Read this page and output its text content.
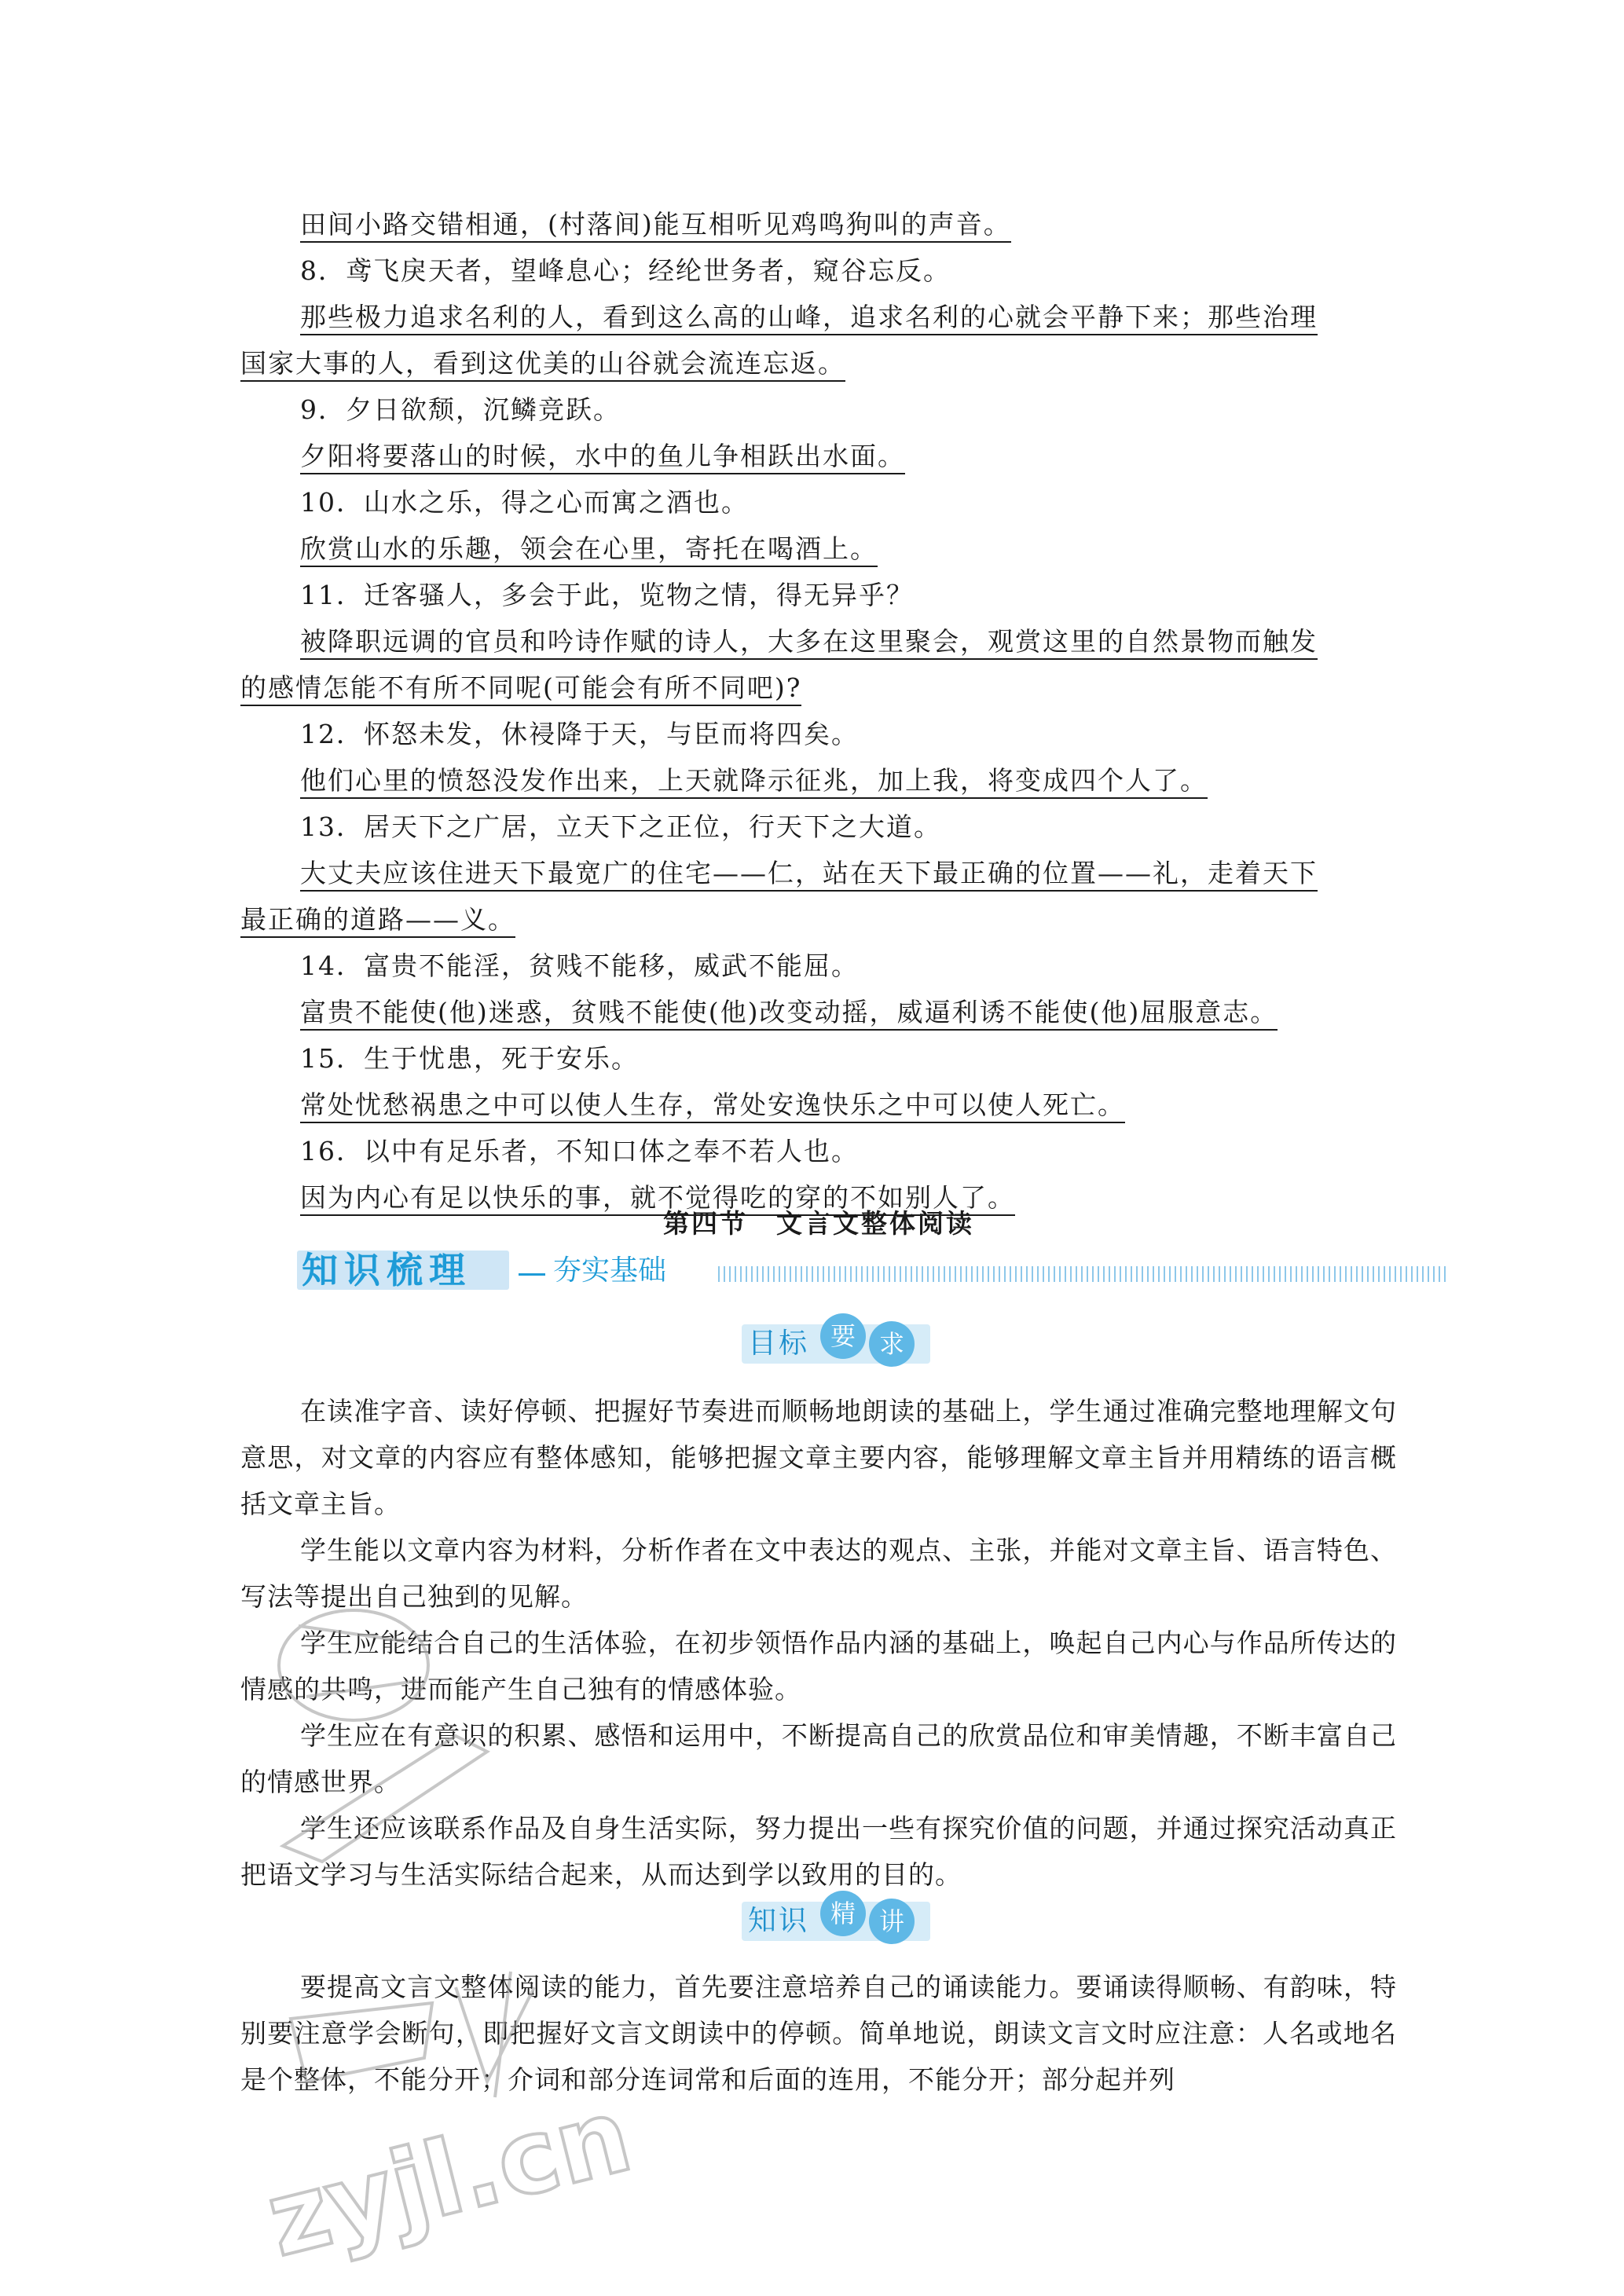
田间小路交错相通，(村落间)能互相听见鸡鸣狗叫的声音。
8．鸢飞戾天者，望峰息心；经纶世务者，窥谷忘反。
那些极力追求名利的人，看到这么高的山峰，追求名利的心就会平静下来；那些治理
国家大事的人，看到这优美的山谷就会流连忘返。
9．夕日欲颓，沉鳞竞跃。
夕阳将要落山的时候，水中的鱼儿争相跃出水面。
10．山水之乐，得之心而寓之酒也。
欣赏山水的乐趣，领会在心里，寄托在喝酒上。
11．迁客骚人，多会于此，览物之情，得无异乎？
被降职远调的官员和吟诗作赋的诗人，大多在这里聚会，观赏这里的自然景物而触发
的感情怎能不有所不同呢(可能会有所不同吧)?
12．怀怒未发，休祲降于天，与臣而将四矣。
他们心里的愤怒没发作出来，上天就降示征兆，加上我，将变成四个人了。
13．居天下之广居，立天下之正位，行天下之大道。
大丈夫应该住进天下最宽广的住宅——仁，站在天下最正确的位置——礼，走着天下
最正确的道路——义。
14．富贵不能淫，贫贱不能移，威武不能屈。
富贵不能使(他)迷惑，贫贱不能使(他)改变动摇，威逼利诱不能使(他)屈服意志。
15．生于忧患，死于安乐。
常处忧愁祸患之中可以使人生存，常处安逸快乐之中可以使人死亡。
16．以中有足乐者，不知口体之奉不若人也。
因为内心有足以快乐的事，就不觉得吃的穿的不如别人了。
第四节 文言文整体阅读
知识梳理	夯实基础
目标 要 求
在读准字音、读好停顿、把握好节奏进而顺畅地朗读的基础上，学生通过准确完整地理解文句意思，对文章的内容应有整体感知，能够把握文章主要内容，能够理解文章主旨并用精练的语言概括文章主旨。
学生能以文章内容为材料，分析作者在文中表达的观点、主张，并能对文章主旨、语言特色、写法等提出自己独到的见解。
学生应能结合自己的生活体验，在初步领悟作品内涵的基础上，唤起自己内心与作品所传达的情感的共鸣，进而能产生自己独有的情感体验。
学生应在有意识的积累、感悟和运用中，不断提高自己的欣赏品位和审美情趣，不断丰富自己的情感世界。
学生还应该联系作品及自身生活实际，努力提出一些有探究价值的问题，并通过探究活动真正把语文学习与生活实际结合起来，从而达到学以致用的目的。
知识 精 讲
要提高文言文整体阅读的能力，首先要注意培养自己的诵读能力。要诵读得顺畅、有韵味，特别要注意学会断句，即把握好文言文朗读中的停顿。简单地说，朗读文言文时应注意：人名或地名是个整体，不能分开；介词和部分连词常和后面的连用，不能分开；部分起并列
zyjl.cn
